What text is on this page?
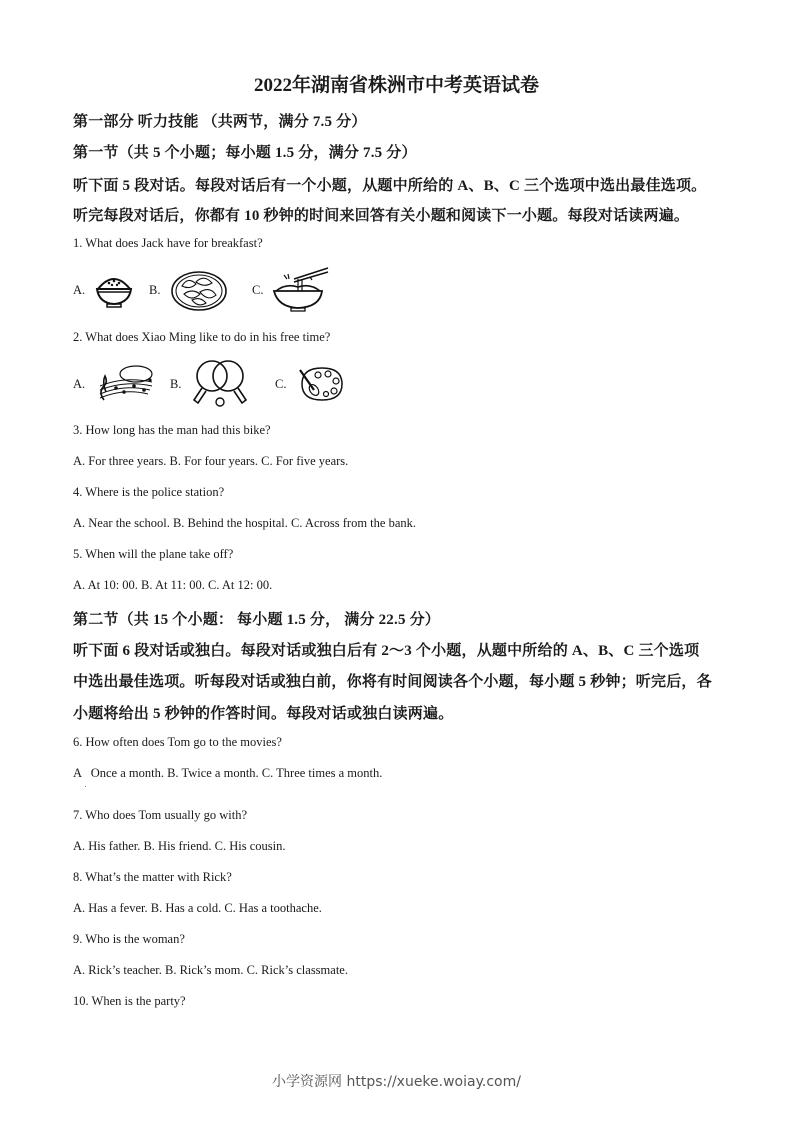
2022年湖南省株洲市中考英语试卷
第一部分 听力技能 （共两节，满分 7.5 分）
第一节（共 5 个小题；每小题 1.5 分，满分 7.5 分）
听下面 5 段对话。每段对话后有一个小题，从题中所给的 A、B、C 三个选项中选出最佳选项。
听完每段对话后，你都有 10 秒钟的时间来回答有关小题和阅读下一小题。每段对话读两遍。
1. What does Jack have for breakfast?
A.	B.	C.
2. What does Xiao Ming like to do in his free time?
A.	B.	C.
3. How long has the man had this bike?
A. For three years. B. For four years. C. For five years.
4. Where is the police station?
A. Near the school. B. Behind the hospital. C. Across from the bank.
5. When will the plane take off?
A. At 10: 00. B. At 11: 00. C. At 12: 00.
第二节（共 15 个小题： 每小题 1.5 分， 满分 22.5 分）
听下面 6 段对话或独白。每段对话或独白后有 2～3 个小题，从题中所给的 A、B、C 三个选项
中选出最佳选项。听每段对话或独白前，你将有时间阅读各个小题，每小题 5 秒钟；听完后，各
小题将给出 5 秒钟的作答时间。每段对话或独白读两遍。
6. How often does Tom go to the movies?
A   Once a month. B. Twice a month. C. Three times a month.
7. Who does Tom usually go with?
A. His father. B. His friend. C. His cousin.
8. What’s the matter with Rick?
A. Has a fever. B. Has a cold. C. Has a toothache.
9. Who is the woman?
A. Rick’s teacher. B. Rick’s mom. C. Rick’s classmate.
10. When is the party?
小学资源网 https://xueke.woiay.com/
